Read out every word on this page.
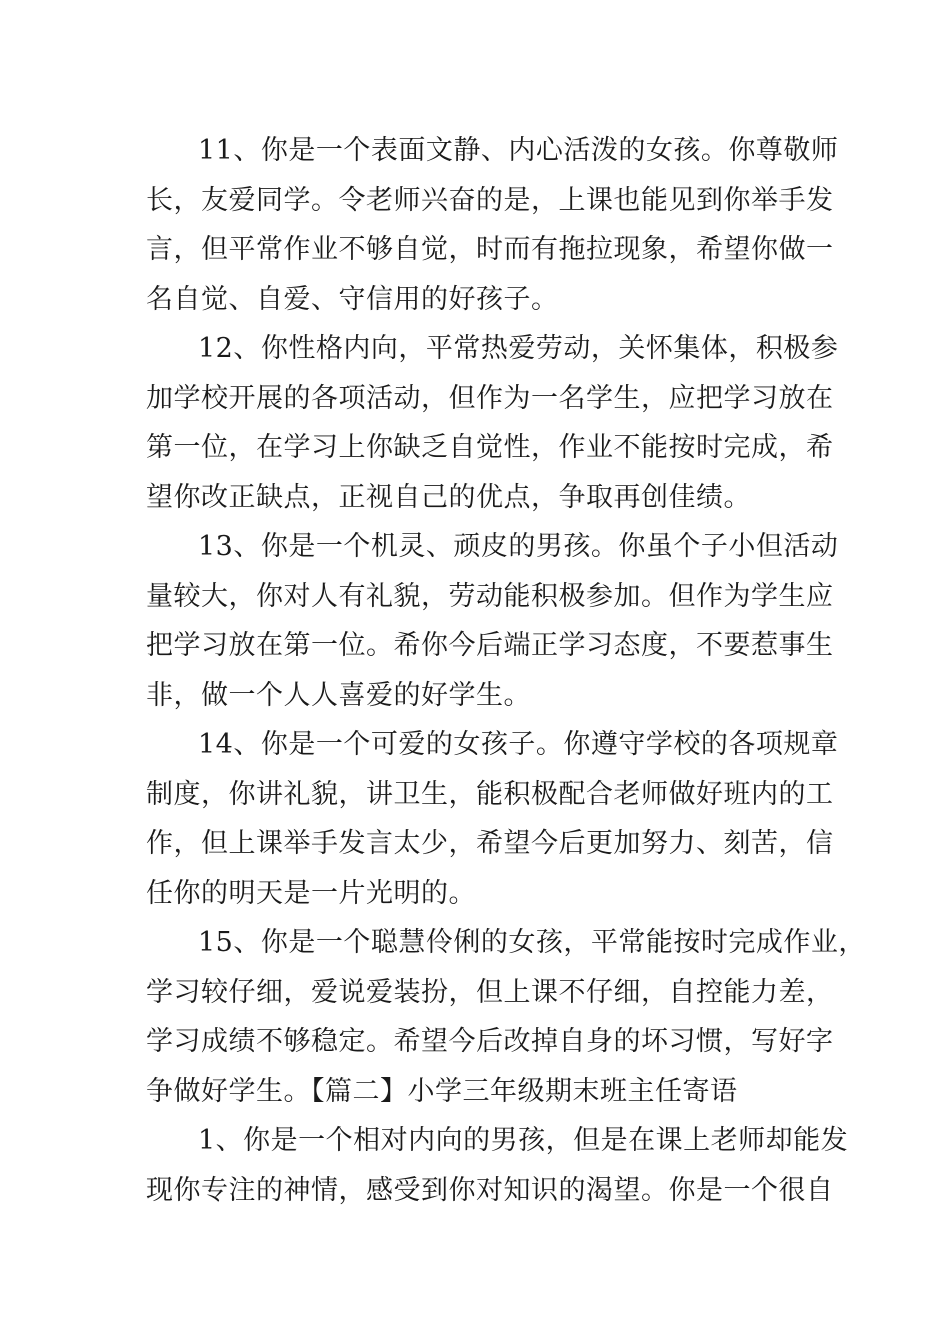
11、你是一个表面文静、内心活泼的女孩。你尊敬师
长，友爱同学。令老师兴奋的是，上课也能见到你举手发
言，但平常作业不够自觉，时而有拖拉现象，希望你做一
名自觉、自爱、守信用的好孩子。
12、你性格内向，平常热爱劳动，关怀集体，积极参
加学校开展的各项活动，但作为一名学生，应把学习放在
第一位，在学习上你缺乏自觉性，作业不能按时完成，希
望你改正缺点，正视自己的优点，争取再创佳绩。
13、你是一个机灵、顽皮的男孩。你虽个子小但活动
量较大，你对人有礼貌，劳动能积极参加。但作为学生应
把学习放在第一位。希你今后端正学习态度，不要惹事生
非，做一个人人喜爱的好学生。
14、你是一个可爱的女孩子。你遵守学校的各项规章
制度，你讲礼貌，讲卫生，能积极配合老师做好班内的工
作，但上课举手发言太少，希望今后更加努力、刻苦，信
任你的明天是一片光明的。
15、你是一个聪慧伶俐的女孩，平常能按时完成作业，
学习较仔细，爱说爱装扮，但上课不仔细，自控能力差，
学习成绩不够稳定。希望今后改掉自身的坏习惯，写好字
争做好学生。【篇二】小学三年级期末班主任寄语
1、你是一个相对内向的男孩，但是在课上老师却能发
现你专注的神情，感受到你对知识的渴望。你是一个很自
